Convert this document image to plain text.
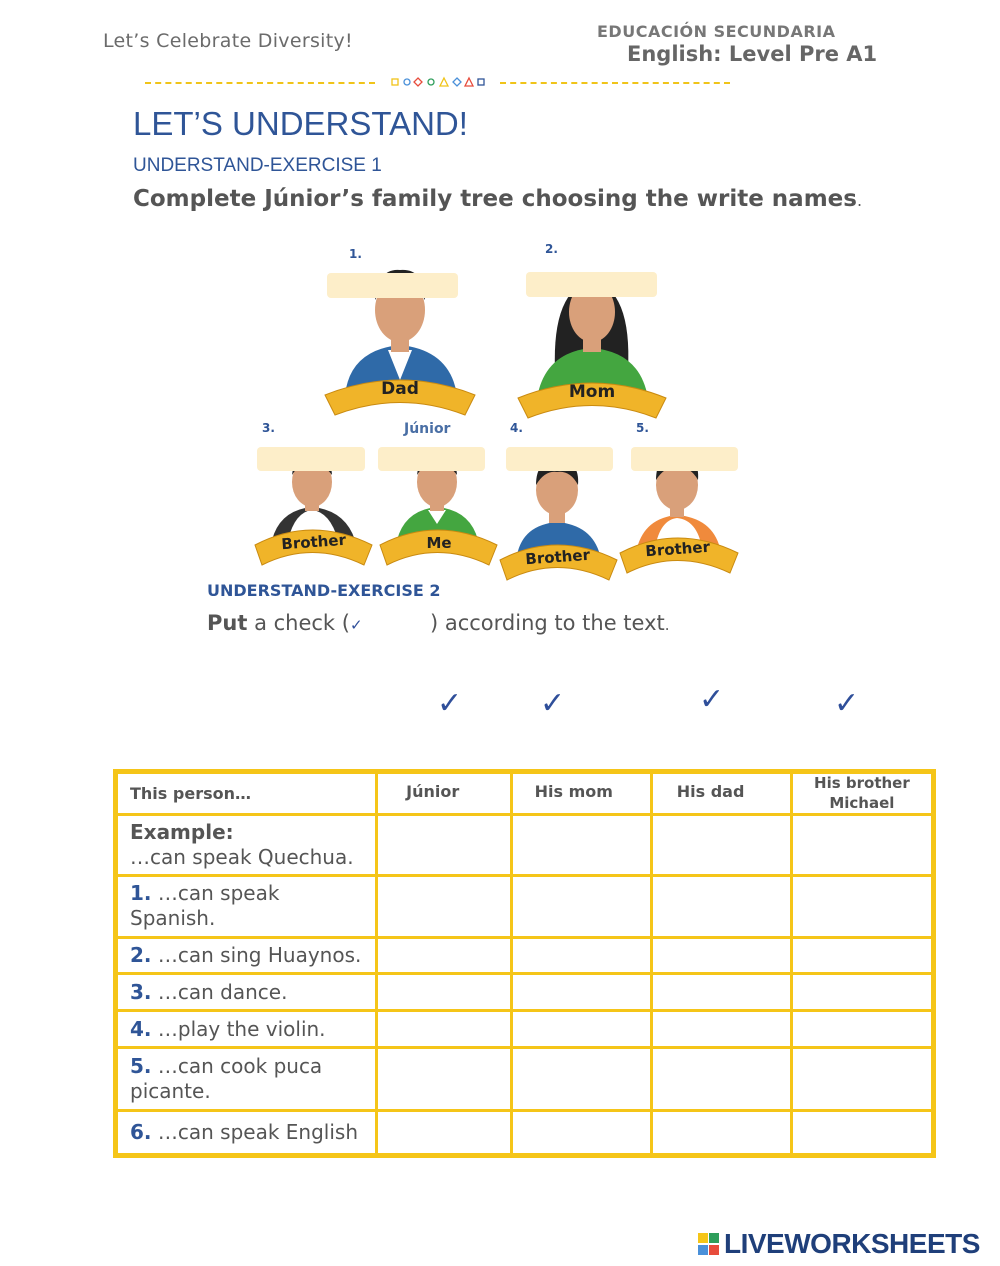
Let’s Celebrate Diversity!	EDUCACIÓN SECUNDARIA
English: Level Pre A1
LET’S UNDERSTAND!
UNDERSTAND-EXERCISE 1
Complete Júnior’s family tree choosing the write names.
Dad	Mom
Brother	Me
Brother	Brother
1.	2.
3.	4.	5.
Júnior
UNDERSTAND-EXERCISE 2
Put a check (✓	) according to the text.
✓	✓	✓	✓
This person…	Júnior	His mom	His dad	His brother Michael
Example:
…can speak Quechua.				
1. …can speak Spanish.				
2. …can sing Huaynos.				
3. …can dance.				
4. …play the violin.				
5. …can cook puca picante.				
6. …can speak English				
LIVEWORKSHEETS
